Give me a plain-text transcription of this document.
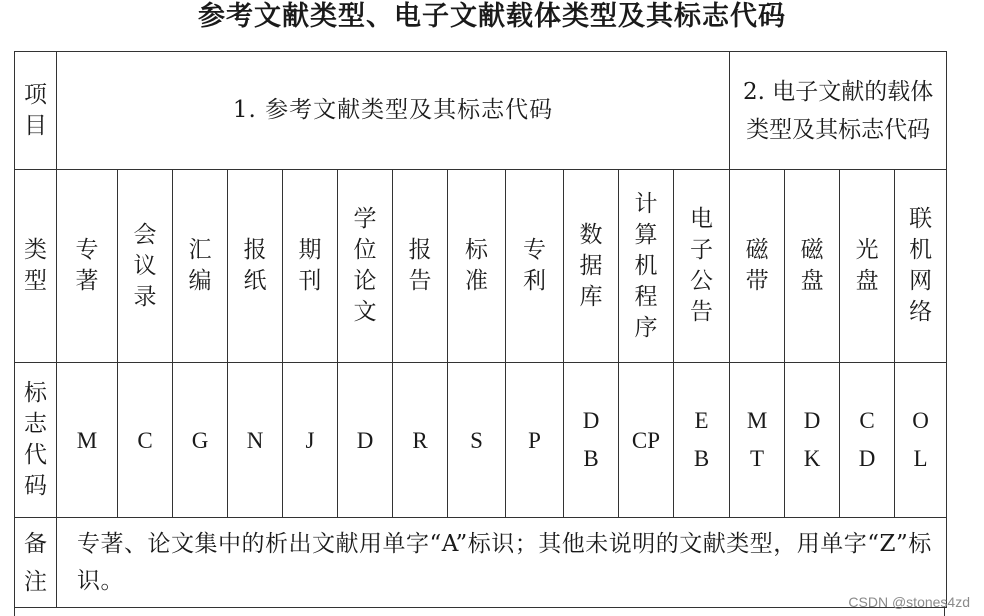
参考文献类型、电子文献载体类型及其标志代码
项目	1. 参考文献类型及其标志代码												2. 电子文献的载体类型及其标志代码			
类型	专著	会议录	汇编	报纸	期刊	学位论文	报告	标准	专利	数据库	计算机程序	电子公告	磁带	磁盘	光盘	联机网络
标志代码	M	C	G	N	J	D	R	S	P	DB	CP	EB	MT	DK	CD	OL
备注	专著、论文集中的析出文献用单字“A”标识；其他未说明的文献类型，用单字“Z”标识。															
CSDN @stones4zd
